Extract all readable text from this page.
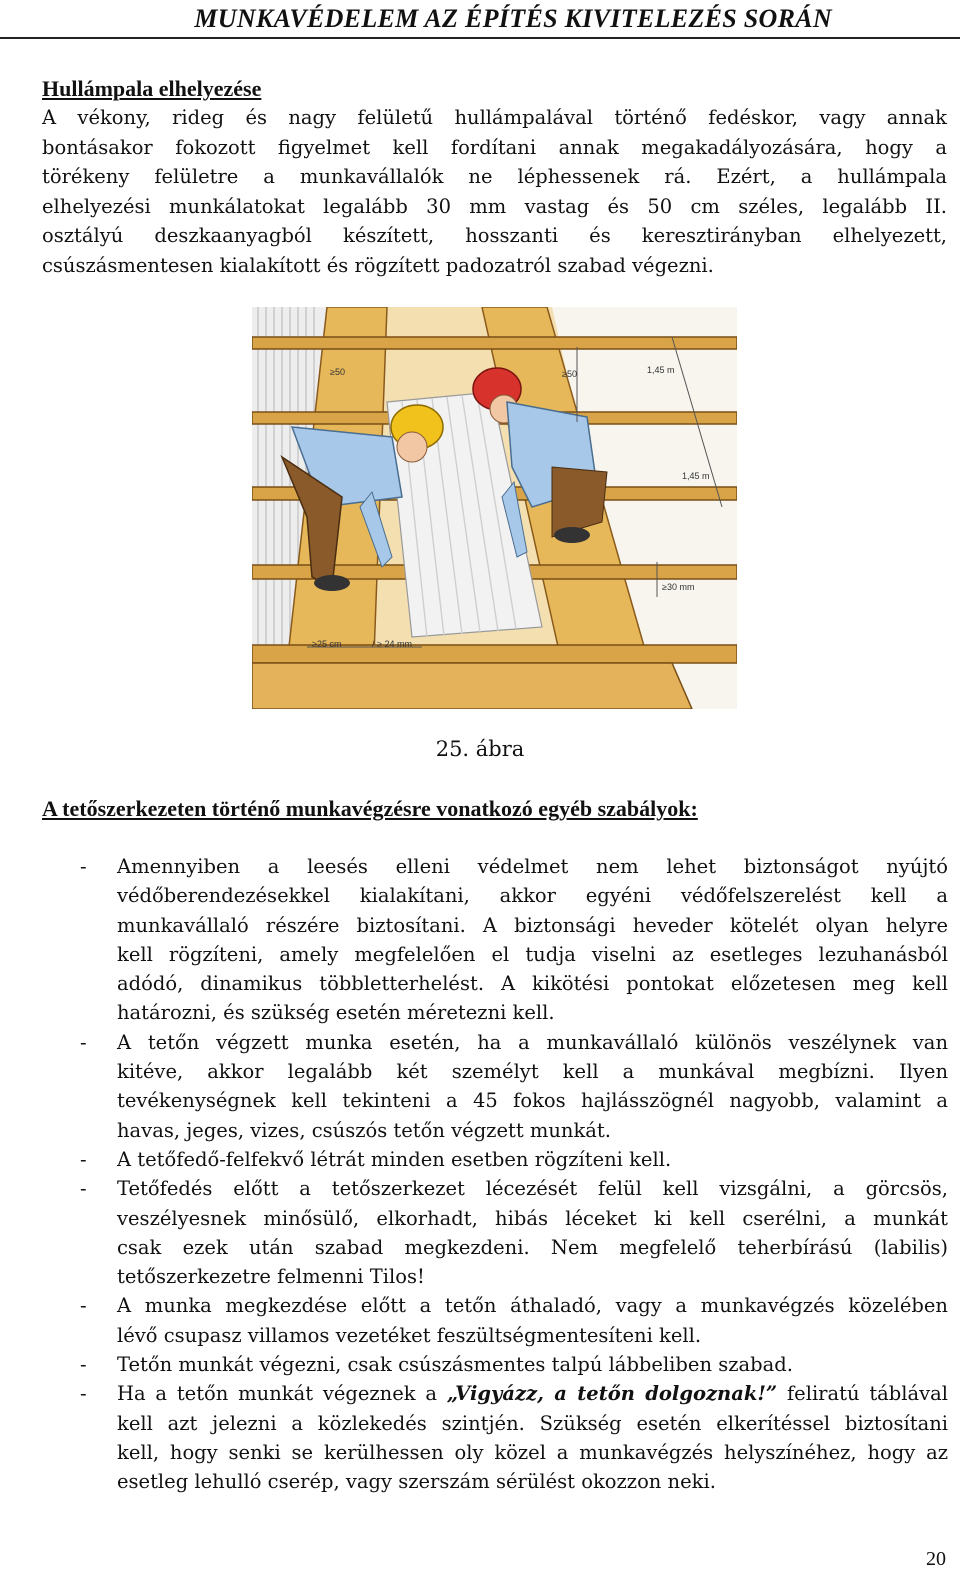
MUNKAVÉDELEM AZ ÉPÍTÉS KIVITELEZÉS SORÁN
Hullámpala elhelyezése
A vékony, rideg és nagy felületű hullámpalával történő fedéskor, vagy annak
bontásakor fokozott figyelmet kell fordítani annak megakadályozására, hogy a
törékeny felületre a munkavállalók ne léphessenek rá. Ezért, a hullámpala
elhelyezési munkálatokat legalább 30 mm vastag és 50 cm széles, legalább II.
osztályú deszkaanyagból készített, hosszanti és keresztirányban elhelyezett,
csúszásmentesen kialakított és rögzített padozatról szabad végezni.
≥50	≥50	1,45 m
1,45 m
≥30 mm
≥25 cm	/ ≥ 24 mm
25. ábra
A tetőszerkezeten történő munkavégzésre vonatkozó egyéb szabályok:
- Amennyiben a leesés elleni védelmet nem lehet biztonságot nyújtó
védőberendezésekkel kialakítani, akkor egyéni védőfelszerelést kell a
munkavállaló részére biztosítani. A biztonsági heveder kötelét olyan helyre
kell rögzíteni, amely megfelelően el tudja viselni az esetleges lezuhanásból
adódó, dinamikus többletterhelést. A kikötési pontokat előzetesen meg kell
határozni, és szükség esetén méretezni kell.
- A tetőn végzett munka esetén, ha a munkavállaló különös veszélynek van
kitéve, akkor legalább két személyt kell a munkával megbízni. Ilyen
tevékenységnek kell tekinteni a 45 fokos hajlásszögnél nagyobb, valamint a
havas, jeges, vizes, csúszós tetőn végzett munkát.
- A tetőfedő-felfekvő létrát minden esetben rögzíteni kell.
- Tetőfedés előtt a tetőszerkezet lécezését felül kell vizsgálni, a görcsös,
veszélyesnek minősülő, elkorhadt, hibás léceket ki kell cserélni, a munkát
csak ezek után szabad megkezdeni. Nem megfelelő teherbírású (labilis)
tetőszerkezetre felmenni Tilos!
- A munka megkezdése előtt a tetőn áthaladó, vagy a munkavégzés közelében
lévő csupasz villamos vezetéket feszültségmentesíteni kell.
- Tetőn munkát végezni, csak csúszásmentes talpú lábbeliben szabad.
- Ha a tetőn munkát végeznek a „Vigyázz, a tetőn dolgoznak!” feliratú táblával
kell azt jelezni a közlekedés szintjén. Szükség esetén elkerítéssel biztosítani
kell, hogy senki se kerülhessen oly közel a munkavégzés helyszínéhez, hogy az
esetleg lehulló cserép, vagy szerszám sérülést okozzon neki.
20
